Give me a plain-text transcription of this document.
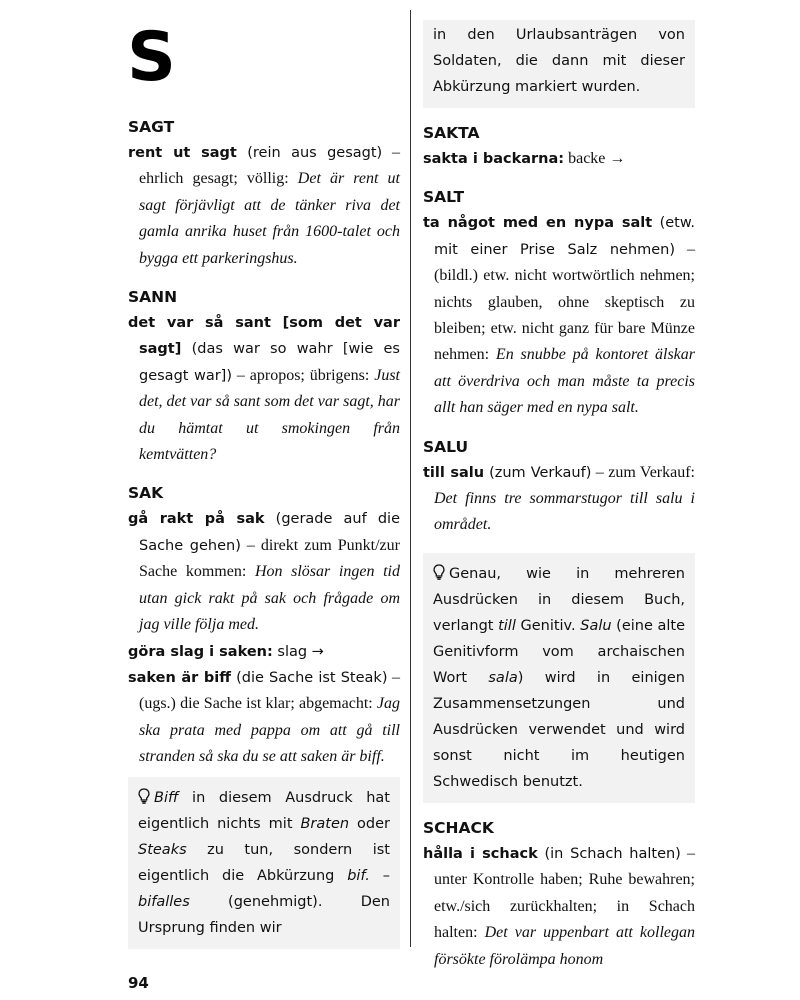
S

SAGT

rent ut sagt (rein aus gesagt) – ehrlich gesagt; völlig: Det är rent ut sagt förjävligt att de tänker riva det gamla anrika huset från 1600-talet och bygga ett parkeringshus.

SANN

det var så sant [som det var sagt] (das war so wahr [wie es gesagt war]) – apropos; übrigens: Just det, det var så sant som det var sagt, har du hämtat ut smokingen från kemtvätten?

SAK

gå rakt på sak (gerade auf die Sache gehen) – direkt zum Punkt/zur Sache kommen: Hon slösar ingen tid utan gick rakt på sak och frågade om jag ville följa med.

göra slag i saken: slag →

saken är biff (die Sache ist Steak) – (ugs.) die Sache ist klar; abgemacht: Jag ska prata med pappa om att gå till stranden så ska du se att saken är biff.

Biff in diesem Ausdruck hat eigentlich nichts mit Braten oder Steaks zu tun, sondern ist eigentlich die Abkürzung bif. – bifalles (genehmigt). Den Ursprung finden wir
in den Urlaubsanträgen von Soldaten, die dann mit dieser Abkürzung markiert wurden.

SAKTA

sakta i backarna: backe →

SALT

ta något med en nypa salt (etw. mit einer Prise Salz nehmen) – (bildl.) etw. nicht wortwörtlich nehmen; nichts glauben, ohne skeptisch zu bleiben; etw. nicht ganz für bare Münze nehmen: En snubbe på kontoret älskar att överdriva och man måste ta precis allt han säger med en nypa salt.

SALU

till salu (zum Verkauf) – zum Verkauf: Det finns tre sommarstugor till salu i området.

Genau, wie in mehreren Ausdrücken in diesem Buch, verlangt till Genitiv. Salu (eine alte Genitivform vom archaischen Wort sala) wird in einigen Zusammensetzungen und Ausdrücken verwendet und wird sonst nicht im heutigen Schwedisch benutzt.

SCHACK

hålla i schack (in Schach halten) – unter Kontrolle haben; Ruhe bewahren; etw./sich zurückhalten; in Schach halten: Det var uppenbart att kollegan försökte förolämpa honom

94
